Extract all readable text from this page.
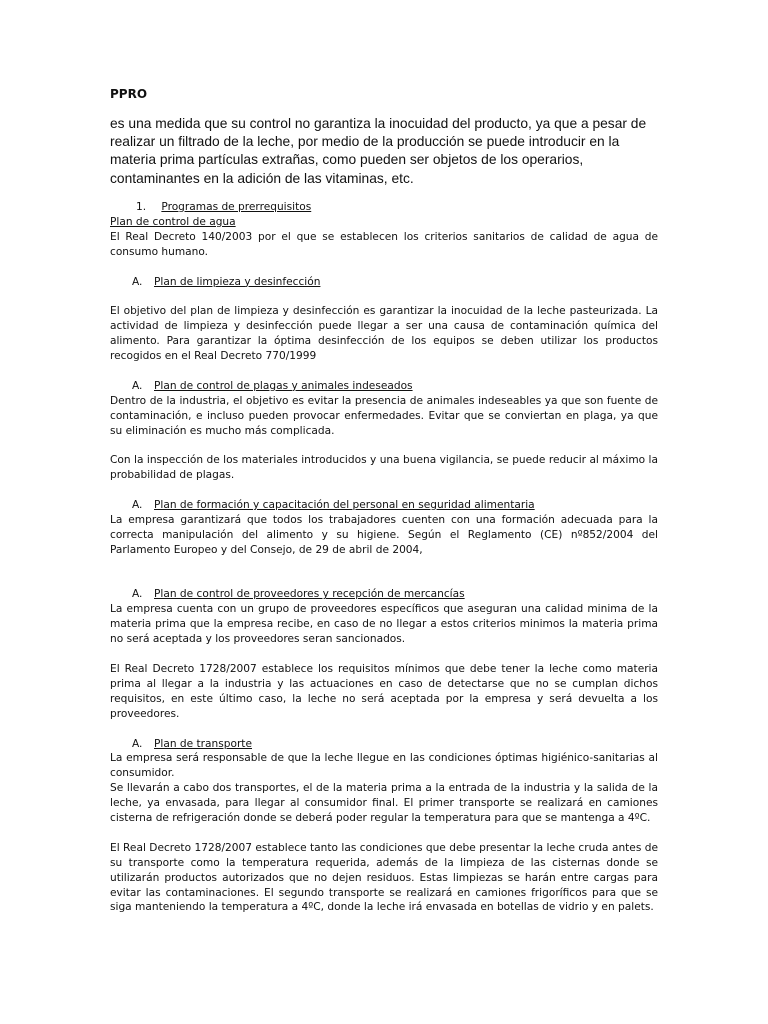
PPRO

es una medida que su control no garantiza la inocuidad del producto, ya que a pesar de realizar un filtrado de la leche, por medio de la producción se puede introducir en la materia prima partículas extrañas, como pueden ser objetos de los operarios, contaminantes en la adición de las vitaminas, etc.

1. Programas de prerrequisitos
Plan de control de agua

El Real Decreto 140/2003 por el que se establecen los criterios sanitarios de calidad de agua de consumo humano.

A. Plan de limpieza y desinfección

El objetivo del plan de limpieza y desinfección es garantizar la inocuidad de la leche pasteurizada. La actividad de limpieza y desinfección puede llegar a ser una causa de contaminación química del alimento. Para garantizar la óptima desinfección de los equipos se deben utilizar los productos recogidos en el Real Decreto 770/1999

A. Plan de control de plagas y animales indeseados

Dentro de la industria, el objetivo es evitar la presencia de animales indeseables ya que son fuente de contaminación, e incluso pueden provocar enfermedades. Evitar que se conviertan en plaga, ya que su eliminación es mucho más complicada.

Con la inspección de los materiales introducidos y una buena vigilancia, se puede reducir al máximo la probabilidad de plagas.

A. Plan de formación y capacitación del personal en seguridad alimentaria

La empresa garantizará que todos los trabajadores cuenten con una formación adecuada para la correcta manipulación del alimento y su higiene. Según el Reglamento (CE) nº852/2004 del Parlamento Europeo y del Consejo, de 29 de abril de 2004,

A. Plan de control de proveedores y recepción de mercancías

La empresa cuenta con un grupo de proveedores específicos que aseguran una calidad minima de la materia prima que la empresa recibe, en caso de no llegar a estos criterios minimos la materia prima no será aceptada y los proveedores seran sancionados.

El Real Decreto 1728/2007 establece los requisitos mínimos que debe tener la leche como materia prima al llegar a la industria y las actuaciones en caso de detectarse que no se cumplan dichos requisitos, en este último caso, la leche no será aceptada por la empresa y será devuelta a los proveedores.

A. Plan de transporte

La empresa será responsable de que la leche llegue en las condiciones óptimas higiénico-sanitarias al consumidor.

Se llevarán a cabo dos transportes, el de la materia prima a la entrada de la industria y la salida de la leche, ya envasada, para llegar al consumidor final. El primer transporte se realizará en camiones cisterna de refrigeración donde se deberá poder regular la temperatura para que se mantenga a 4ºC.

El Real Decreto 1728/2007 establece tanto las condiciones que debe presentar la leche cruda antes de su transporte como la temperatura requerida, además de la limpieza de las cisternas donde se utilizarán productos autorizados que no dejen residuos. Estas limpiezas se harán entre cargas para evitar las contaminaciones. El segundo transporte se realizará en camiones frigoríficos para que se siga manteniendo la temperatura a 4ºC, donde la leche irá envasada en botellas de vidrio y en palets.
